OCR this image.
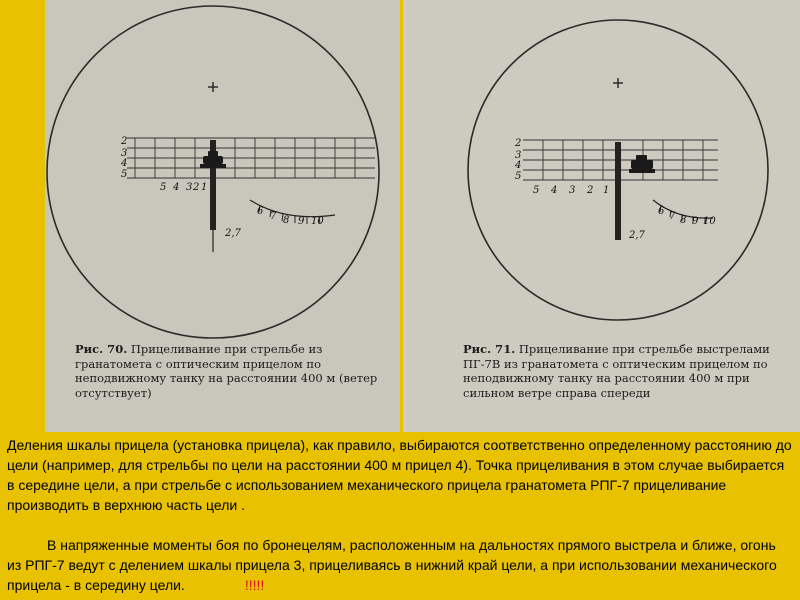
5 4 3 2 1
2
3
4
5
6 7 8 9 10
2,7
Рис. 70. Прицеливание при стрельбе из гранатомета с оптическим прицелом по неподвижному танку на расстоянии 400 м (ветер отсутствует)
5 4 3 2 1
2
3
4
5
6 7 8 9 10
2,7
Рис. 71. Прицеливание при стрельбе выстрелами ПГ-7В из гранатомета с оптическим прицелом по неподвижному танку на расстоянии 400 м при сильном ветре справа спереди

Деления шкалы прицела (установка прицела), как правило, выбираются соответственно определенному расстоянию до цели (например, для стрельбы по цели на расстоянии 400 м прицел 4). Точка прицеливания в этом случае выбирается в середине цели, а при стрельбе с использованием механического прицела гранатомета РПГ-7 прицеливание производить в верхнюю часть цели .

В напряженные моменты боя по бронецелям, расположенным на дальностях прямого выстрела и ближе, огонь из РПГ-7 ведут с делением шкалы прицела 3, прицеливаясь в нижний край цели, а при использовании механического прицела - в середину цели.	!!!!!
